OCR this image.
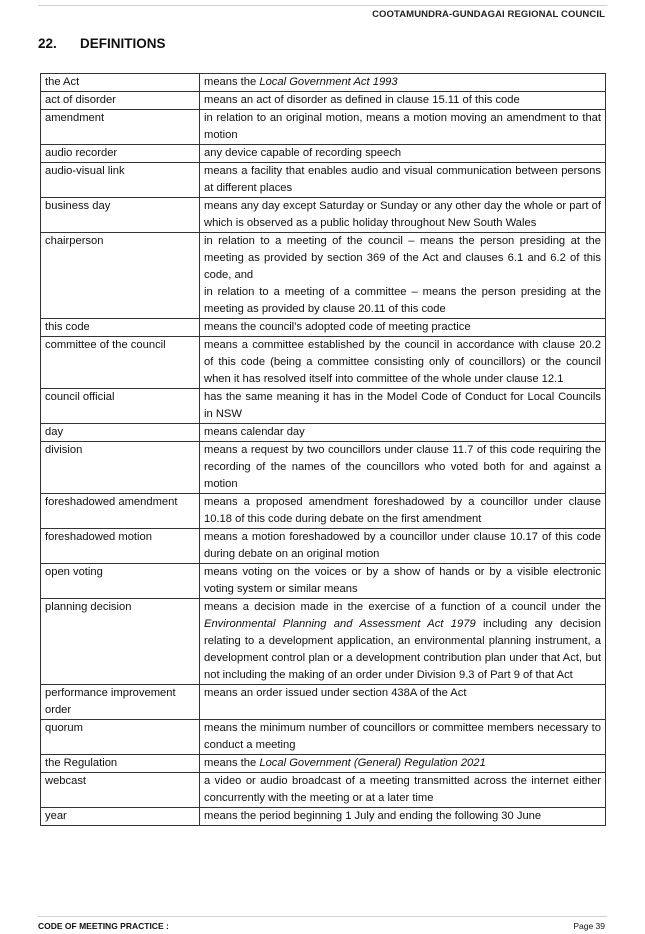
COOTAMUNDRA-GUNDAGAI REGIONAL COUNCIL
22. DEFINITIONS
the Act	means the Local Government Act 1993
act of disorder	means an act of disorder as defined in clause 15.11 of this code
amendment	in relation to an original motion, means a motion moving an amendment to that motion
audio recorder	any device capable of recording speech
audio-visual link	means a facility that enables audio and visual communication between persons at different places
business day	means any day except Saturday or Sunday or any other day the whole or part of which is observed as a public holiday throughout New South Wales
chairperson	in relation to a meeting of the council – means the person presiding at the meeting as provided by section 369 of the Act and clauses 6.1 and 6.2 of this code, and
in relation to a meeting of a committee – means the person presiding at the meeting as provided by clause 20.11 of this code
this code	means the council’s adopted code of meeting practice
committee of the council	means a committee established by the council in accordance with clause 20.2 of this code (being a committee consisting only of councillors) or the council when it has resolved itself into committee of the whole under clause 12.1
council official	has the same meaning it has in the Model Code of Conduct for Local Councils in NSW
day	means calendar day
division	means a request by two councillors under clause 11.7 of this code requiring the recording of the names of the councillors who voted both for and against a motion
foreshadowed amendment	means a proposed amendment foreshadowed by a councillor under clause 10.18 of this code during debate on the first amendment
foreshadowed motion	means a motion foreshadowed by a councillor under clause 10.17 of this code during debate on an original motion
open voting	means voting on the voices or by a show of hands or by a visible electronic voting system or similar means
planning decision	means a decision made in the exercise of a function of a council under the Environmental Planning and Assessment Act 1979 including any decision relating to a development application, an environmental planning instrument, a development control plan or a development contribution plan under that Act, but not including the making of an order under Division 9.3 of Part 9 of that Act
performance improvement order	means an order issued under section 438A of the Act
quorum	means the minimum number of councillors or committee members necessary to conduct a meeting
the Regulation	means the Local Government (General) Regulation 2021
webcast	a video or audio broadcast of a meeting transmitted across the internet either concurrently with the meeting or at a later time
year	means the period beginning 1 July and ending the following 30 June
CODE OF MEETING PRACTICE :	Page 39
